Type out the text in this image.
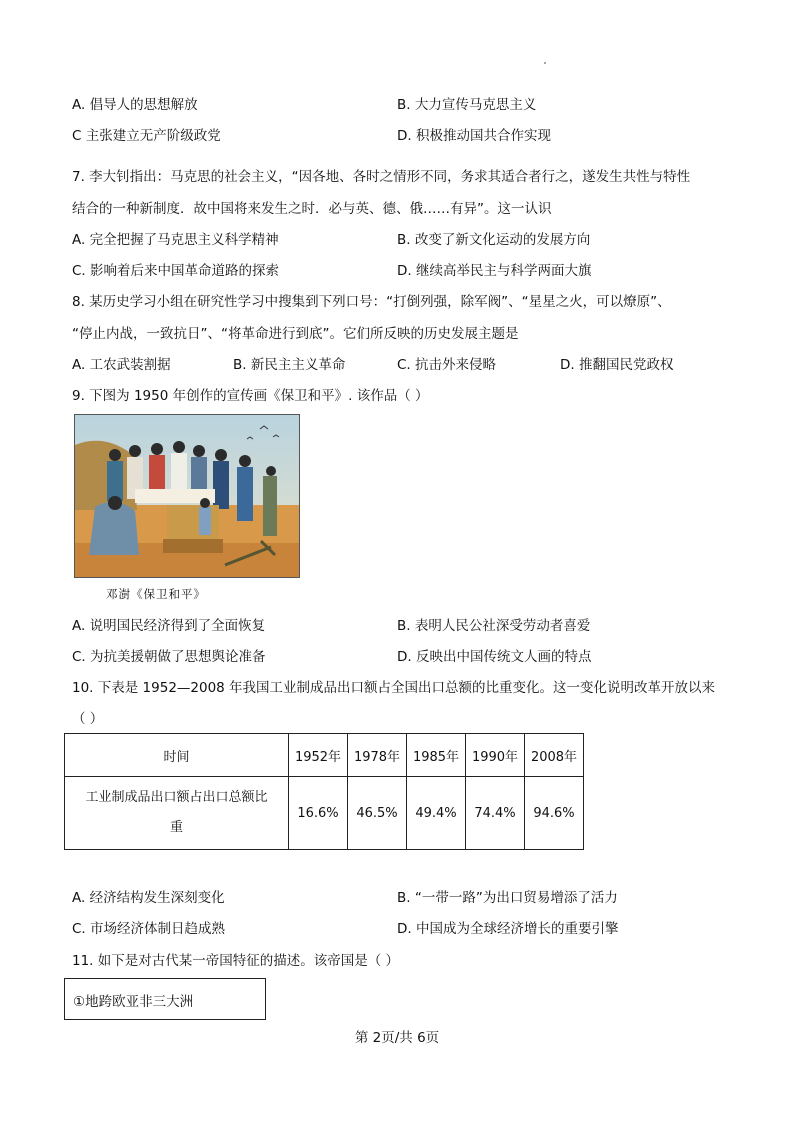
A. 倡导人的思想解放	B. 大力宣传马克思主义
C 主张建立无产阶级政党	D. 积极推动国共合作实现
7. 李大钊指出：马克思的社会主义，“因各地、各时之情形不同，务求其适合者行之，遂发生共性与特性
结合的一种新制度．故中国将来发生之时．必与英、德、俄……有异”。这一认识
A. 完全把握了马克思主义科学精神	B. 改变了新文化运动的发展方向
C. 影响着后来中国革命道路的探索	D. 继续高举民主与科学两面大旗
8. 某历史学习小组在研究性学习中搜集到下列口号：“打倒列强，除军阀”、“星星之火，可以燎原”、
“停止内战，一致抗日”、“将革命进行到底”。它们所反映的历史发展主题是
A. 工农武装割据	B. 新民主主义革命	C. 抗击外来侵略	D. 推翻国民党政权
9. 下图为 1950 年创作的宣传画《保卫和平》. 该作品（ ）
邓澍《保卫和平》
A. 说明国民经济得到了全面恢复	B. 表明人民公社深受劳动者喜爱
C. 为抗美援朝做了思想舆论准备	D. 反映出中国传统文人画的特点
10. 下表是 1952—2008 年我国工业制成品出口额占全国出口总额的比重变化。这一变化说明改革开放以来
（ ）
时间	1952年	1978年	1985年	1990年	2008年
工业制成品出口额占出口总额比
重	16.6%	46.5%	49.4%	74.4%	94.6%
A. 经济结构发生深刻变化	B. “一带一路”为出口贸易增添了活力
C. 市场经济体制日趋成熟	D. 中国成为全球经济增长的重要引擎
11. 如下是对古代某一帝国特征的描述。该帝国是（ ）
①地跨欧亚非三大洲
第 2页/共 6页
